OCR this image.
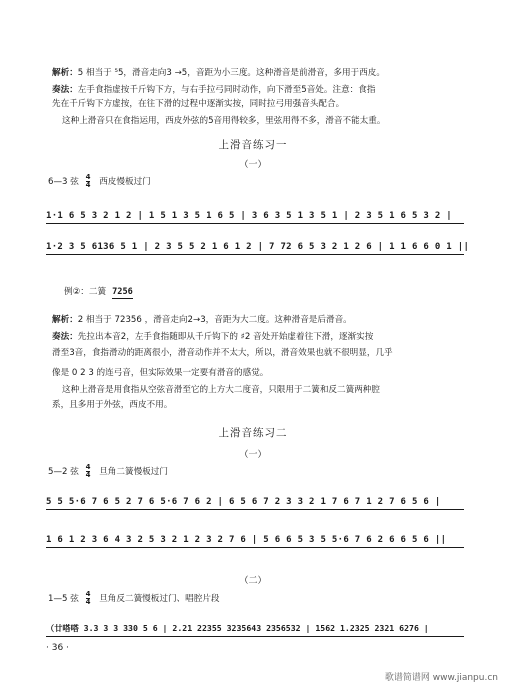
解析：5 相当于 ⁵5，滑音走向3 →5，音距为小三度。这种滑音是前滑音，多用于西皮。
奏法：左手食指虚按千斤钩下方，与右手拉弓同时动作，向下滑至5音处。注意：食指
先在千斤钩下方虚按，在往下滑的过程中逐渐实按，同时拉弓用强音头配合。
这种上滑音只在食指运用，西皮外弦的5音用得较多，里弦用得不多，滑音不能太重。
上滑音练习一
（一）
6—3 弦 $\frac{4}{4}$ 西皮慢板过门
1·1 6 5 3 2 1 2 | 1 5 1 3 5 1 6 5 | 3 6 3 5 1 3 5 1 | 2 3 5 1 6 5 3 2 |
1·2 3 5 6136 5 1 | 2 3 5 5 2 1 6 1 2 | 7 72 6 5 3 2 1 2 6 | 1 1 6 6 0 1 ||
例②：二簧 7256
解析：2 相当于 72356 ，滑音走向2→3，音距为大二度。这种滑音是后滑音。
奏法：先拉出本音2，左手食指随即从千斤钩下的 ♯2 音处开始虚着往下滑，逐渐实按
滑至3音，食指滑动的距离很小，滑音动作并不太大，所以，滑音效果也就不很明显，几乎
像是 0 2 3 的连弓音，但实际效果一定要有滑音的感觉。
这种上滑音是用食指从空弦音滑至它的上方大二度音，只限用于二簧和反二簧两种腔
系，且多用于外弦，西皮不用。
上滑音练习二
（一）
5—2 弦 $\frac{4}{4}$ 旦角二簧慢板过门
5 5 5·6 7 6 5 2 7 6 5·6 7 6 2 | 6 5 6 7 2 3 3 2 1 7 6 7 1 2 7 6 5 6 |
1 6 1 2 3 6 4 3 2 5 3 2 1 2 3 2 7 6 | 5 6 6 5 3 5 5·6 7 6 2 6 6 5 6 ||
（二）
1—5 弦 $\frac{4}{4}$ 旦角反二簧慢板过门、唱腔片段
（廿嗒嗒 3.3 3 3 330 5 6 | 2.21 22355 3235643 2356532 | 1562 1.2325 2321 6276 |
· 36 ·
歌谱简谱网 www.jianpu.cn
